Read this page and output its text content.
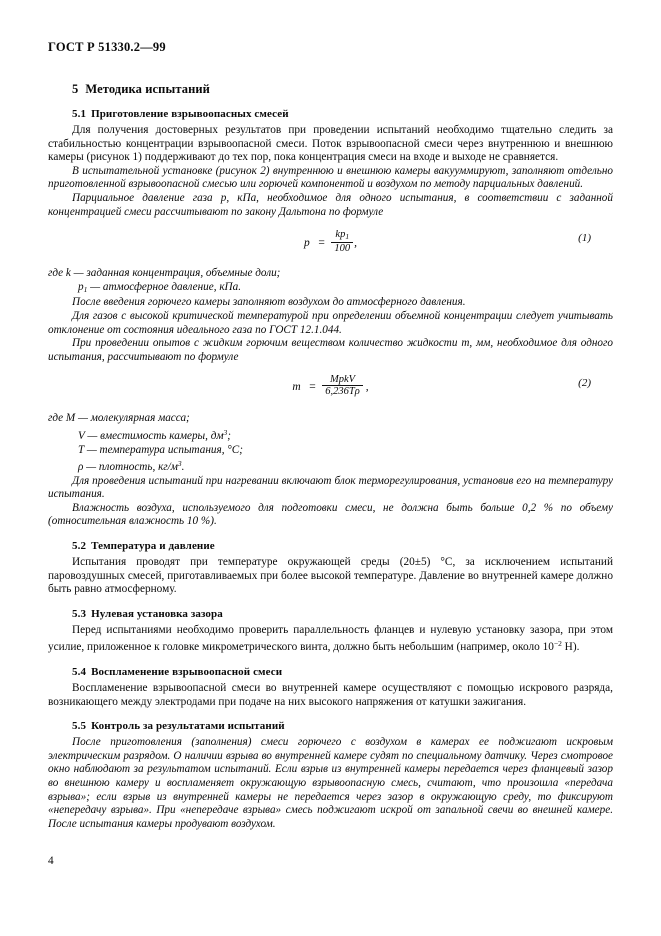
ГОСТ Р 51330.2—99
5 Методика испытаний
5.1 Приготовление взрывоопасных смесей

Для получения достоверных результатов при проведении испытаний необходимо тщательно следить за стабильностью концентрации взрывоопасной смеси. Поток взрывоопасной смеси через внутреннюю и внешнюю камеры (рисунок 1) поддерживают до тех пор, пока концентрация смеси на входе и выходе не сравняется.

В испытательной установке (рисунок 2) внутреннюю и внешнюю камеры вакууммируют, заполняют отдельно приготовленной взрывоопасной смесью или горючей компонентой и воздухом по методу парциальных давлений.

Парциальное давление газа p, кПа, необходимое для одного испытания, в соответствии с заданной концентрацией смеси рассчитывают по закону Дальтона по формуле

$p = \frac{kp_1}{100}$ ,	(1)

где k — заданная концентрация, объемные доли;

$p_1$ — атмосферное давление, кПа.

После введения горючего камеры заполняют воздухом до атмосферного давления.

Для газов с высокой критической температурой при определении объемной концентрации следует учитывать отклонение от состояния идеального газа по ГОСТ 12.1.044.

При проведении опытов с жидким горючим веществом количество жидкости m, мм, необходимое для одного испытания, рассчитывают по формуле

$m = \frac{\text{MpkV}}{6,236T\rho}$ ,	(2)

где M — молекулярная масса;

V — вместимость камеры, $дм^3$;

T — температура испытания, °С;

ρ — плотность, $кг/м^3$.

Для проведения испытаний при нагревании включают блок терморегулирования, установив его на температуру испытания.

Влажность воздуха, используемого для подготовки смеси, не должна быть больше 0,2 % по объему (относительная влажность 10 %).

5.2 Температура и давление

Испытания проводят при температуре окружающей среды (20±5) °С, за исключением испытаний паровоздушных смесей, приготавливаемых при более высокой температуре. Давление во внутренней камере должно быть равно атмосферному.

5.3 Нулевая установка зазора

Перед испытаниями необходимо проверить параллельность фланцев и нулевую установку зазора, при этом усилие, приложенное к головке микрометрического винта, должно быть небольшим (например, около $10^{-2}$ Н).

5.4 Воспламенение взрывоопасной смеси

Воспламенение взрывоопасной смеси во внутренней камере осуществляют с помощью искрового разряда, возникающего между электродами при подаче на них высокого напряжения от катушки зажигания.

5.5 Контроль за результатами испытаний

После приготовления (заполнения) смеси горючего с воздухом в камерах ее поджигают искровым электрическим разрядом. О наличии взрыва во внутренней камере судят по специальному датчику. Через смотровое окно наблюдают за результатом испытаний. Если взрыв из внутренней камеры передается через фланцевый зазор во внешнюю камеру и воспламеняет окружающую взрывоопасную смесь, считают, что произошла «передача взрыва»; если взрыв из внутренней камеры не передается через зазор в окружающую среду, то фиксируют «непередачу взрыва». При «непередаче взрыва» смесь поджигают искрой от запальной свечи во внешней камере. После испытания камеры продувают воздухом.

4
